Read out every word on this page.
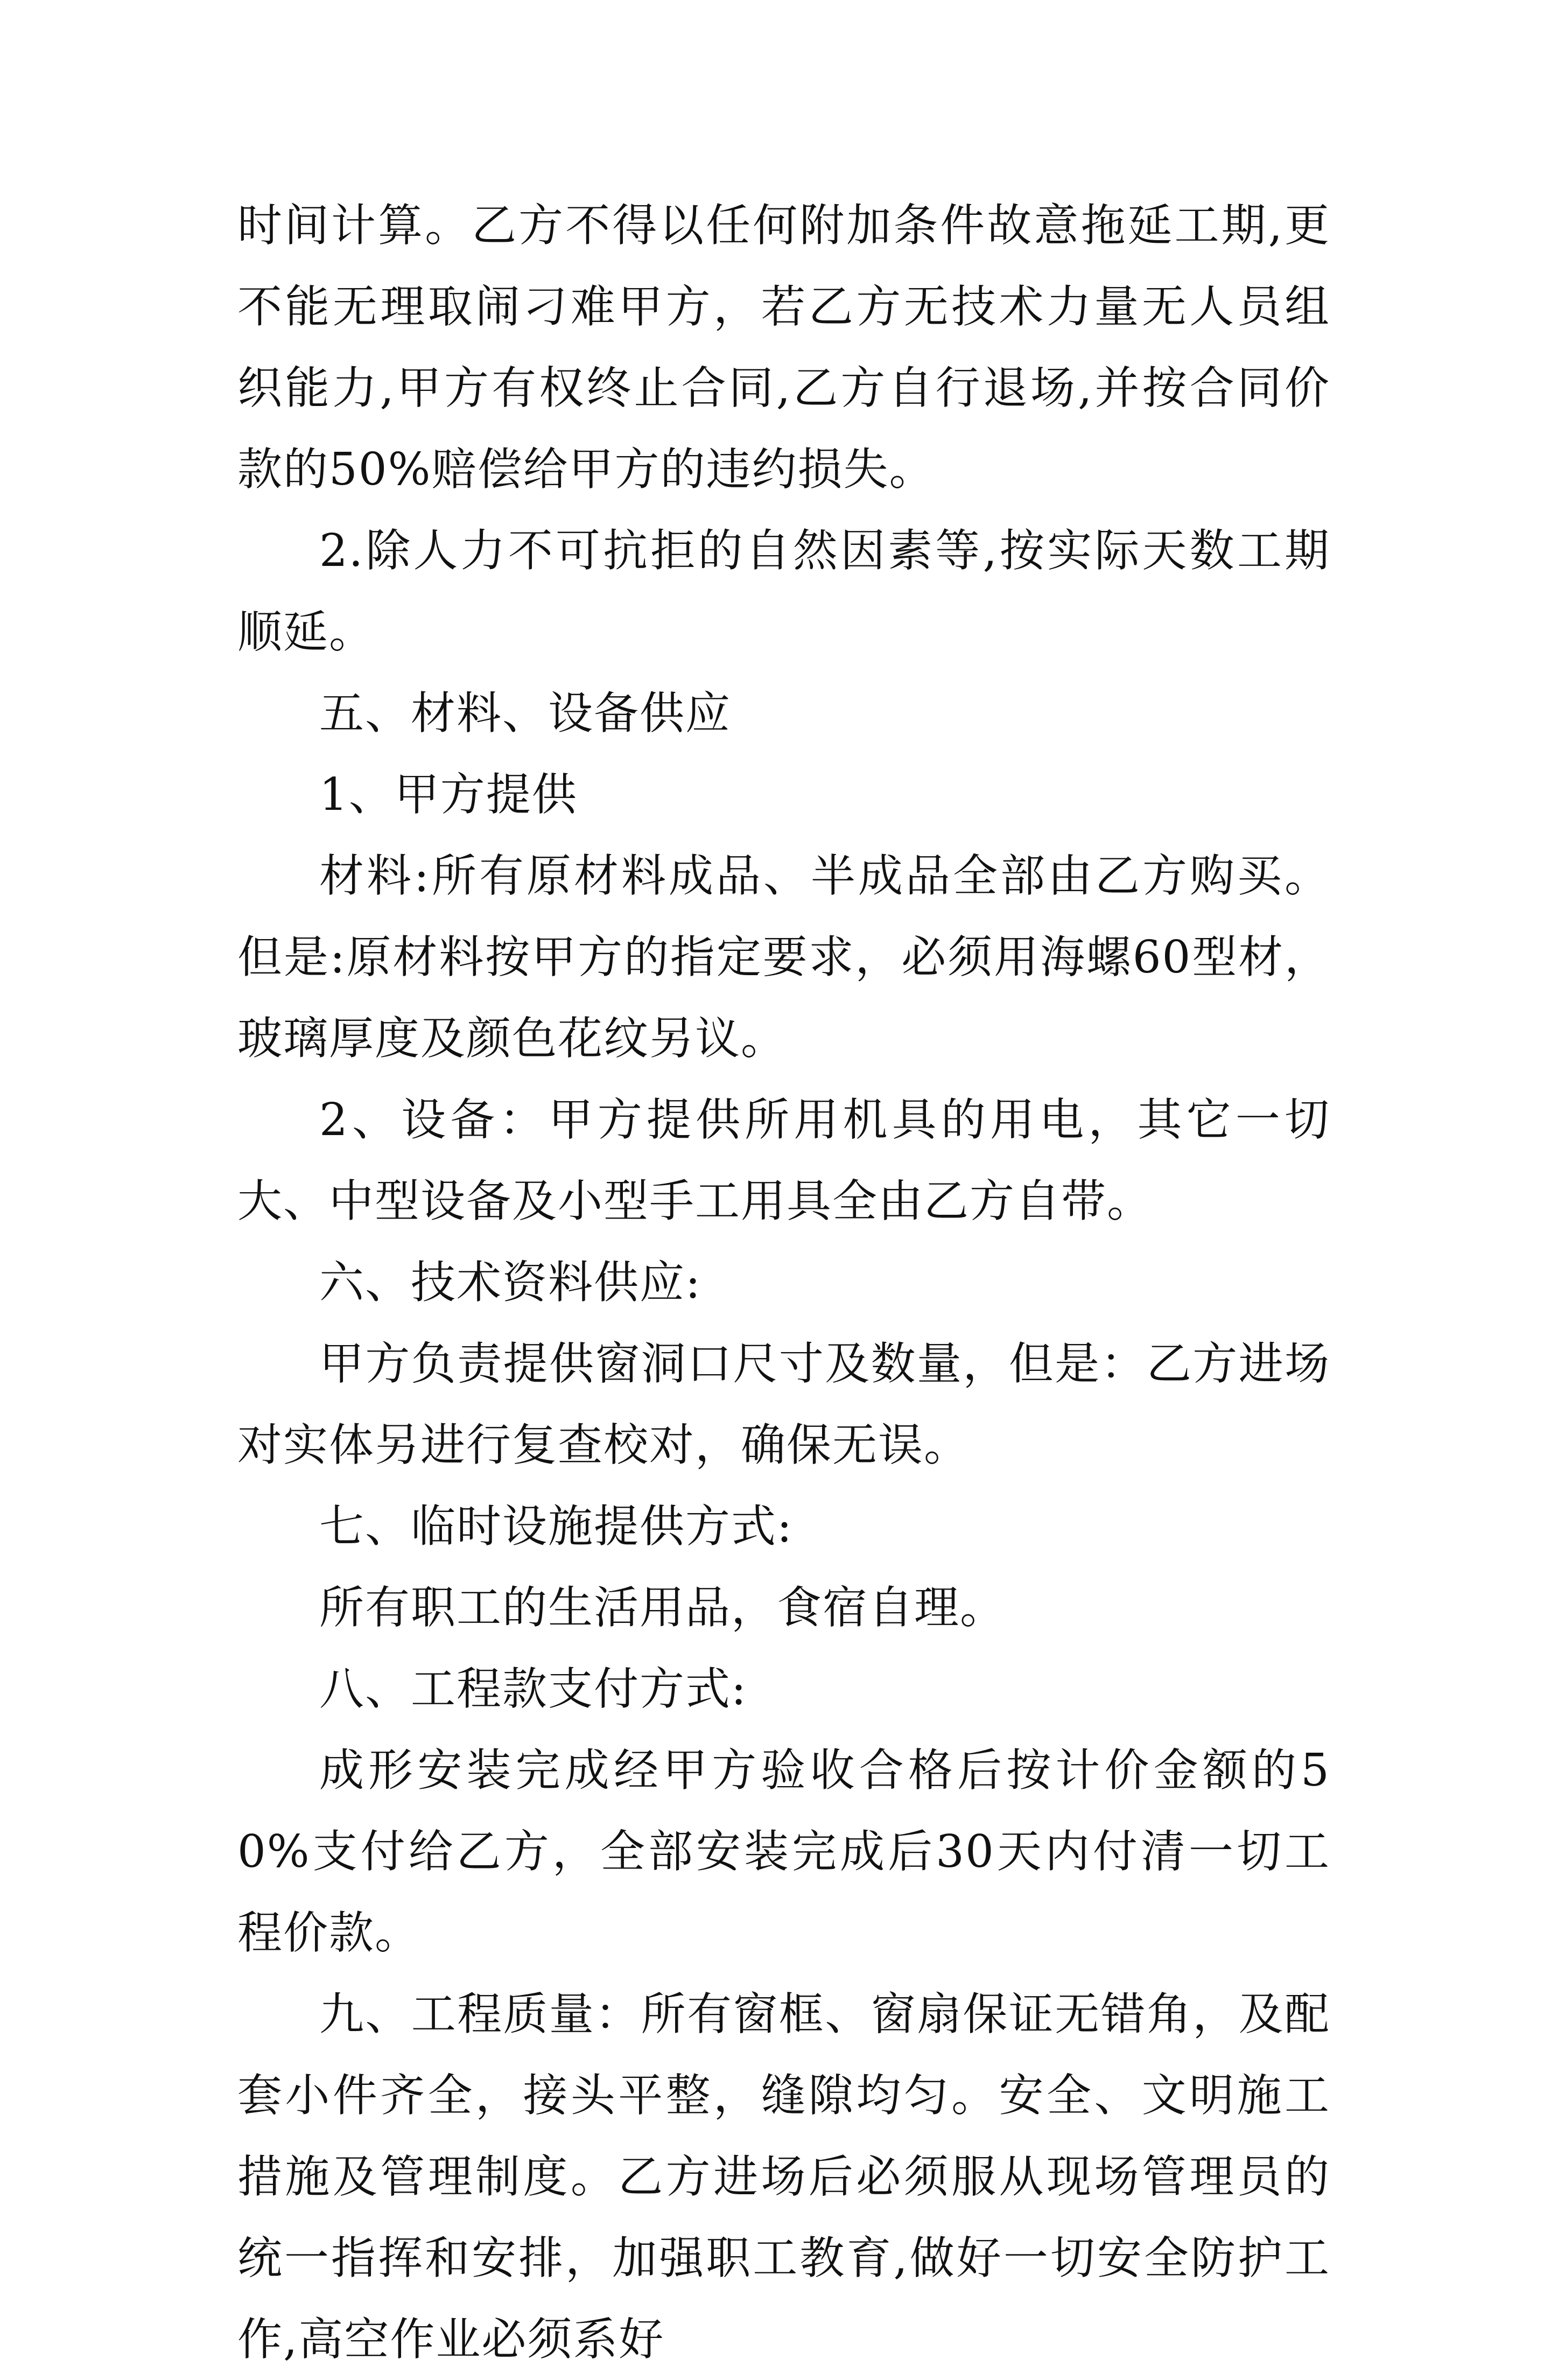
时间计算。乙方不得以任何附加条件故意拖延工期,更不能无理取闹刁难甲方，若乙方无技术力量无人员组织能力,甲方有权终止合同,乙方自行退场,并按合同价款的50%赔偿给甲方的违约损失。

2.除人力不可抗拒的自然因素等,按实际天数工期顺延。

五、材料、设备供应

1、甲方提供

材料:所有原材料成品、半成品全部由乙方购买。但是:原材料按甲方的指定要求，必须用海螺60型材，玻璃厚度及颜色花纹另议。

2、设备：甲方提供所用机具的用电，其它一切大、中型设备及小型手工用具全由乙方自带。

六、技术资料供应:

甲方负责提供窗洞口尺寸及数量，但是：乙方进场对实体另进行复查校对，确保无误。

七、临时设施提供方式:

所有职工的生活用品，食宿自理。

八、工程款支付方式:

成形安装完成经甲方验收合格后按计价金额的50%支付给乙方，全部安装完成后30天内付清一切工程价款。

九、工程质量：所有窗框、窗扇保证无错角，及配套小件齐全，接头平整，缝隙均匀。安全、文明施工措施及管理制度。乙方进场后必须服从现场管理员的统一指挥和安排，加强职工教育,做好一切安全防护工作,高空作业必须系好
